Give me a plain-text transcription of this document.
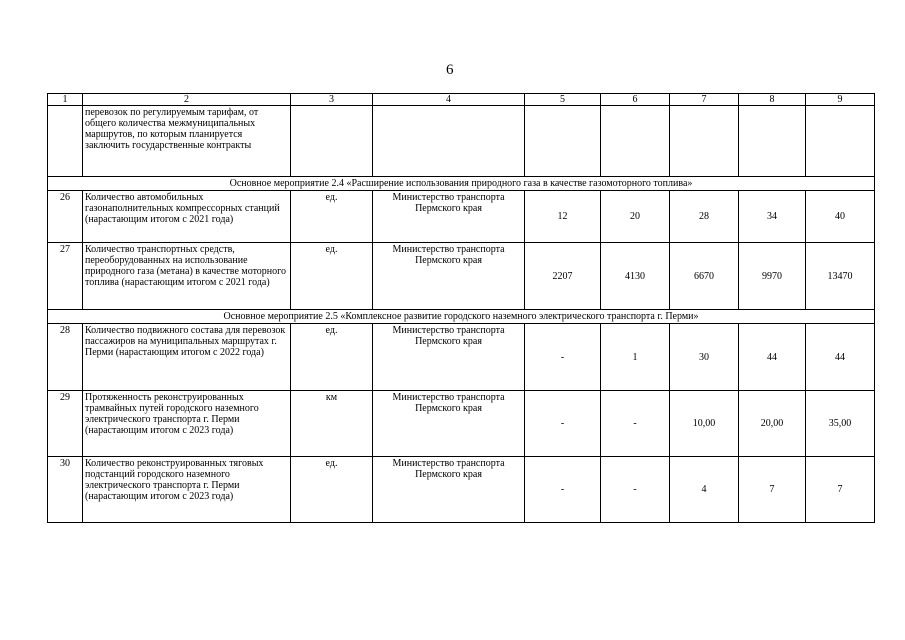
6
1	2	3	4	5	6	7	8	9
	перевозок по регулируемым тарифам, от общего количества межмуниципальных маршрутов, по которым планируется заключить государственные контракты							
Основное мероприятие 2.4 «Расширение использования природного газа в качестве газомоторного топлива»								
26	Количество автомобильных газонаполнительных компрессорных станций (нарастающим итогом с 2021 года)	ед.	Министерство транспорта Пермского края	12	20	28	34	40
27	Количество транспортных средств, переоборудованных на использование природного газа (метана) в качестве моторного топлива (нарастающим итогом с 2021 года)	ед.	Министерство транспорта Пермского края	2207	4130	6670	9970	13470
Основное мероприятие 2.5 «Комплексное развитие городского наземного электрического транспорта г. Перми»								
28	Количество подвижного состава для перевозок пассажиров на муниципальных маршрутах г. Перми (нарастающим итогом с 2022 года)	ед.	Министерство транспорта Пермского края	-	1	30	44	44
29	Протяженность реконструированных трамвайных путей городского наземного электрического транспорта г. Перми (нарастающим итогом с 2023 года)	км	Министерство транспорта Пермского края	-	-	10,00	20,00	35,00
30	Количество реконструированных тяговых подстанций городского наземного электрического транспорта г. Перми (нарастающим итогом с 2023 года)	ед.	Министерство транспорта Пермского края	-	-	4	7	7
